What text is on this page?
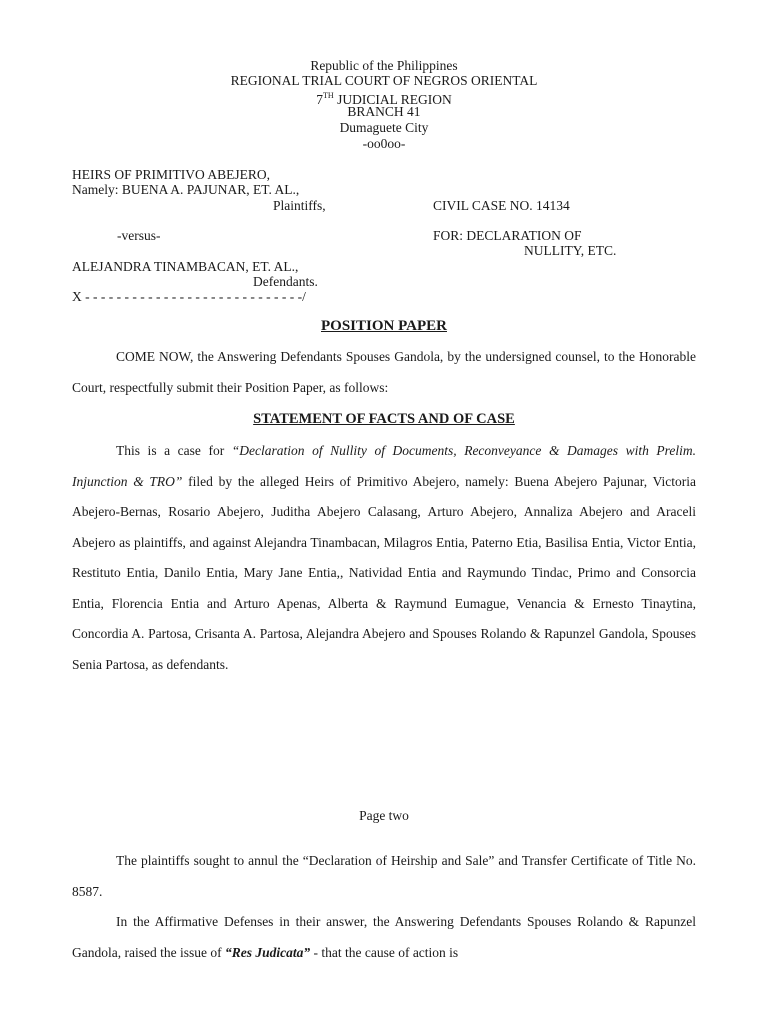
Republic of the Philippines
REGIONAL TRIAL COURT OF NEGROS ORIENTAL
7TH JUDICIAL REGION
BRANCH 41
Dumaguete City
-oo0oo-
HEIRS OF PRIMITIVO ABEJERO,
Namely: BUENA A. PAJUNAR, ET. AL.,
Plaintiffs,	CIVIL CASE NO. 14134
-versus-	FOR: DECLARATION OF
NULLITY, ETC.
ALEJANDRA TINAMBACAN, ET. AL.,
Defendants.
X - - - - - - - - - - - - - - - - - - - - - - - - - - - -/
POSITION PAPER
COME NOW, the Answering Defendants Spouses Gandola, by the undersigned counsel, to the Honorable Court, respectfully submit their Position Paper, as follows:
STATEMENT OF FACTS AND OF CASE
This is a case for “Declaration of Nullity of Documents, Reconveyance & Damages with Prelim. Injunction & TRO” filed by the alleged Heirs of Primitivo Abejero, namely: Buena Abejero Pajunar, Victoria Abejero-Bernas, Rosario Abejero, Juditha Abejero Calasang, Arturo Abejero, Annaliza Abejero and Araceli Abejero as plaintiffs, and against Alejandra Tinambacan, Milagros Entia, Paterno Etia, Basilisa Entia, Victor Entia, Restituto Entia, Danilo Entia, Mary Jane Entia,, Natividad Entia and Raymundo Tindac, Primo and Consorcia Entia, Florencia Entia and Arturo Apenas, Alberta & Raymund Eumague, Venancia & Ernesto Tinaytina, Concordia A. Partosa, Crisanta A. Partosa, Alejandra Abejero and Spouses Rolando & Rapunzel Gandola, Spouses Senia Partosa, as defendants.
Page two
The plaintiffs sought to annul the “Declaration of Heirship and Sale” and Transfer Certificate of Title No. 8587.
In the Affirmative Defenses in their answer, the Answering Defendants Spouses Rolando & Rapunzel Gandola, raised the issue of “Res Judicata” - that the cause of action is
